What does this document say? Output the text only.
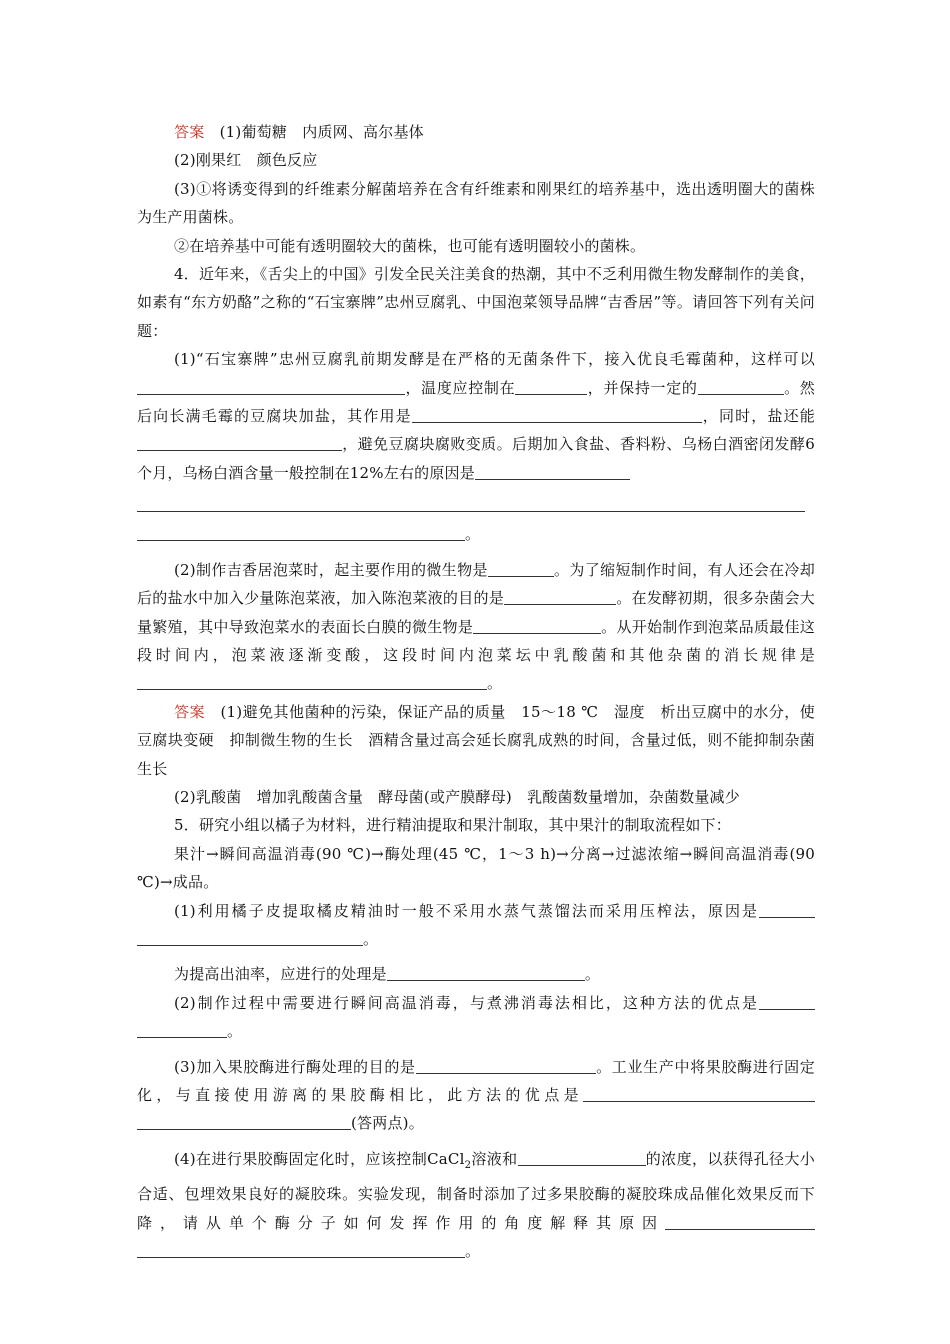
答案　 (1)葡萄糖　内质网、高尔基体

(2)刚果红　颜色反应

(3)①将诱变得到的纤维素分解菌培养在含有纤维素和刚果红的培养基中，选出透明圈大的菌株为生产用菌株。

②在培养基中可能有透明圈较大的菌株，也可能有透明圈较小的菌株。

4．近年来，《舌尖上的中国》引发全民关注美食的热潮，其中不乏利用微生物发酵制作的美食，如素有“东方奶酪”之称的“石宝寨牌”忠州豆腐乳、中国泡菜领导品牌“吉香居”等。请回答下列有关问题：

(1)“石宝寨牌”忠州豆腐乳前期发酵是在严格的无菌条件下，接入优良毛霉菌种，这样可以，温度应控制在	，并保持一定的	。然后向长满毛霉的豆腐块加盐，其作用是	，同时，盐还能，避免豆腐块腐败变质。后期加入食盐、香料粉、乌杨白酒密闭发酵6个月，乌杨白酒含量一般控制在12%左右的原因是

。

(2)制作吉香居泡菜时，起主要作用的微生物是	。为了缩短制作时间，有人还会在冷却后的盐水中加入少量陈泡菜液，加入陈泡菜液的目的是	。在发酵初期，很多杂菌会大量繁殖，其中导致泡菜水的表面长白膜的微生物是	。从开始制作到泡菜品质最佳这段时间内，泡菜液逐渐变酸，这段时间内泡菜坛中乳酸菌和其他杂菌的消长规律是。

答案　 (1)避免其他菌种的污染，保证产品的质量　15～18 ℃　湿度　析出豆腐中的水分，使豆腐块变硬　抑制微生物的生长　酒精含量过高会延长腐乳成熟的时间，含量过低，则不能抑制杂菌生长

(2)乳酸菌　增加乳酸菌含量　酵母菌(或产膜酵母)　乳酸菌数量增加，杂菌数量减少

5．研究小组以橘子为材料，进行精油提取和果汁制取，其中果汁的制取流程如下：

果汁→瞬间高温消毒(90 ℃)→酶处理(45 ℃，1～3 h)→分离→过滤浓缩→瞬间高温消毒(90 ℃)→成品。

(1)利用橘子皮提取橘皮精油时一般不采用水蒸气蒸馏法而采用压榨法，原因是。

为提高出油率，应进行的处理是	。

(2)制作过程中需要进行瞬间高温消毒，与煮沸消毒法相比，这种方法的优点是。

(3)加入果胶酶进行酶处理的目的是	。工业生产中将果胶酶进行固定化，与直接使用游离的果胶酶相比，此方法的优点是(答两点)。

(4)在进行果胶酶固定化时，应该控制CaCl$_2$溶液和	的浓度，以获得孔径大小合适、包埋效果良好的凝胶珠。实验发现，制备时添加了过多果胶酶的凝胶珠成品催化效果反而下降，请从单个酶分子如何发挥作用的角度解释其原因。
